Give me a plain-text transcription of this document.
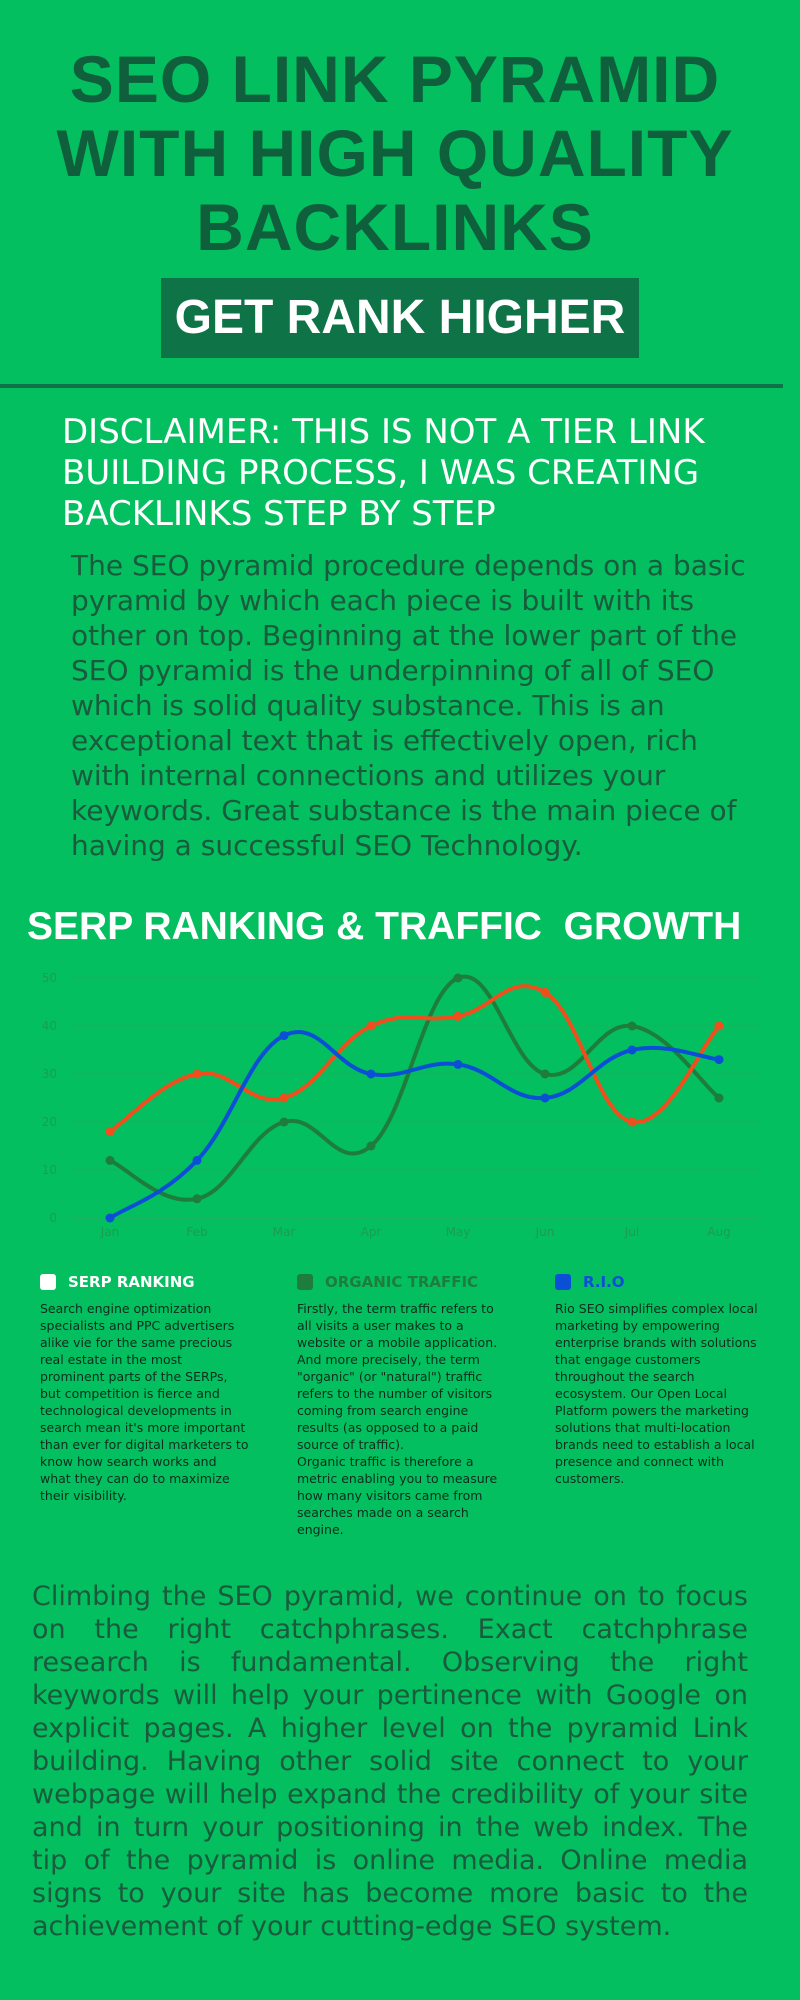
SEO LINK PYRAMID WITH HIGH QUALITY BACKLINKS
GET RANK HIGHER
DISCLAIMER: THIS IS NOT A TIER LINK BUILDING PROCESS, I WAS CREATING BACKLINKS STEP BY STEP
The SEO pyramid procedure depends on a basic pyramid by which each piece is built with its other on top. Beginning at the lower part of the SEO pyramid is the underpinning of all of SEO which is solid quality substance. This is an exceptional text that is effectively open, rich with internal connections and utilizes your keywords. Great substance is the main piece of having a successful SEO Technology.
SERP RANKING & TRAFFIC  GROWTH
0
10
20
30
40
50
Jan	Feb	Mar	Apr	May	Jun	Jul	Aug
SERP RANKING
Search engine optimization specialists and PPC advertisers alike vie for the same precious real estate in the most prominent parts of the SERPs, but competition is fierce and technological developments in search mean it's more important than ever for digital marketers to know how search works and what they can do to maximize their visibility.
ORGANIC TRAFFIC
Firstly, the term traffic refers to all visits a user makes to a website or a mobile application. And more precisely, the term "organic" (or "natural") traffic refers to the number of visitors coming from search engine results (as opposed to a paid source of traffic).
Organic traffic is therefore a metric enabling you to measure how many visitors came from searches made on a search engine.
R.I.O
Rio SEO simplifies complex local marketing by empowering enterprise brands with solutions that engage customers throughout the search ecosystem. Our Open Local Platform powers the marketing solutions that multi-location brands need to establish a local presence and connect with customers.
Climbing the SEO pyramid, we continue on to focus on the right catchphrases. Exact catchphrase research is fundamental. Observing the right keywords will help your pertinence with Google on explicit pages. A higher level on the pyramid Link building. Having other solid site connect to your webpage will help expand the credibility of your site and in turn your positioning in the web index. The tip of the pyramid is online media. Online media signs to your site has become more basic to the achievement of your cutting-edge SEO system.
